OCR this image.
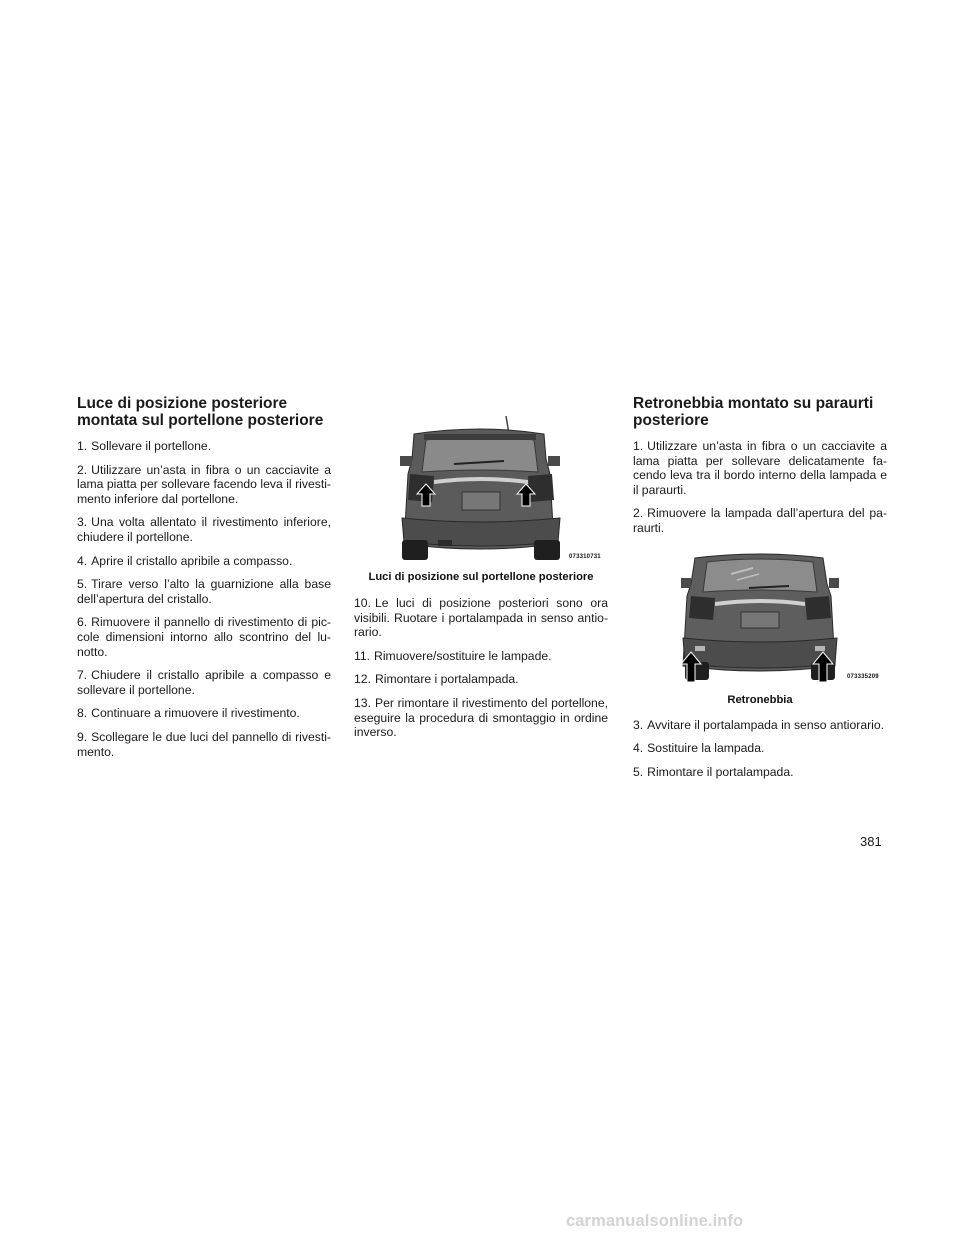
Luce di posizione posteriore
montata sul portellone posteriore

1. Sollevare il portellone.

2. Utilizzare un’asta in fibra o un cacciavite a lama piatta per sollevare facendo leva il rivesti- mento inferiore dal portellone.

3. Una volta allentato il rivestimento inferiore, chiudere il portellone.

4. Aprire il cristallo apribile a compasso.

5. Tirare verso l’alto la guarnizione alla base dell’apertura del cristallo.

6. Rimuovere il pannello di rivestimento di pic- cole dimensioni intorno allo scontrino del lu- notto.

7. Chiudere il cristallo apribile a compasso e sollevare il portellone.

8. Continuare a rimuovere il rivestimento.

9. Scollegare le due luci del pannello di rivesti- mento.

073310731
Luci di posizione sul portellone posteriore

10. Le luci di posizione posteriori sono ora visibili. Ruotare i portalampada in senso antio- rario.

11. Rimuovere/sostituire le lampade.

12. Rimontare i portalampada.

13. Per rimontare il rivestimento del portellone, eseguire la procedura di smontaggio in ordine inverso.

Retronebbia montato su paraurti
posteriore

1. Utilizzare un’asta in fibra o un cacciavite a lama piatta per sollevare delicatamente fa- cendo leva tra il bordo interno della lampada e il paraurti.

2. Rimuovere la lampada dall’apertura del pa- raurti.

073335209
Retronebbia

3. Avvitare il portalampada in senso antiorario.

4. Sostituire la lampada.

5. Rimontare il portalampada.

381
carmanualsonline.info
